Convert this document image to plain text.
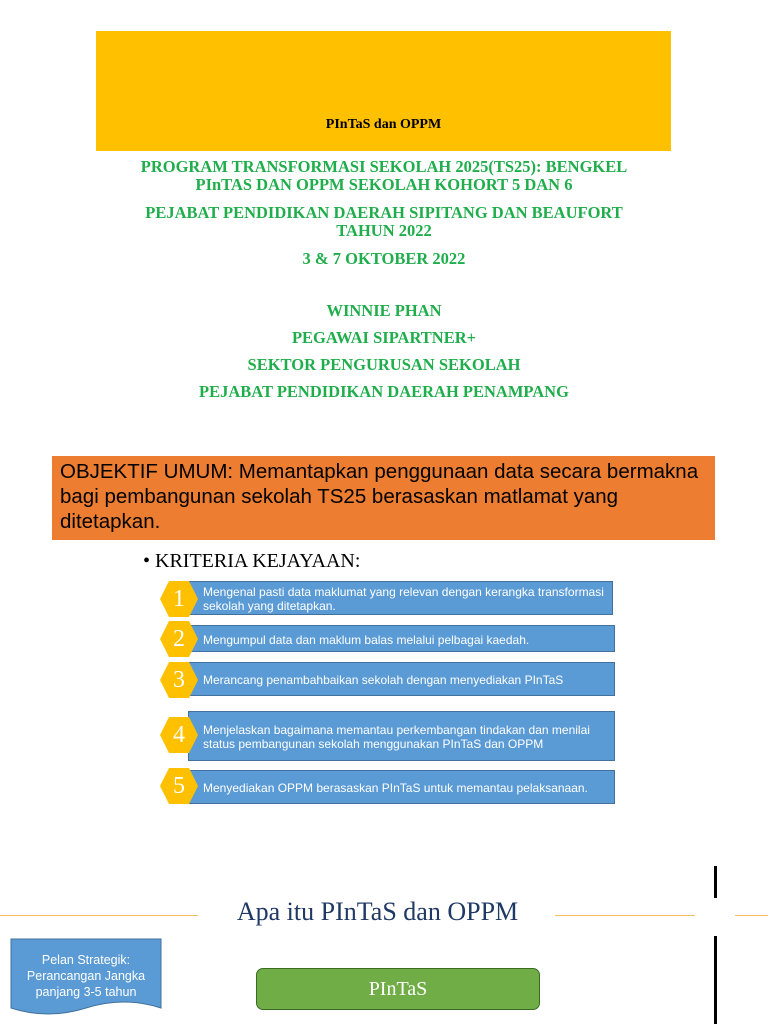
PInTaS dan OPPM
PROGRAM TRANSFORMASI SEKOLAH 2025(TS25): BENGKEL
PInTAS DAN OPPM SEKOLAH KOHORT 5 DAN 6
PEJABAT PENDIDIKAN DAERAH SIPITANG DAN BEAUFORT
TAHUN 2022
3 & 7 OKTOBER 2022
WINNIE PHAN
PEGAWAI SIPARTNER+
SEKTOR PENGURUSAN SEKOLAH
PEJABAT PENDIDIKAN DAERAH PENAMPANG
OBJEKTIF UMUM: Memantapkan penggunaan data secara bermakna bagi pembangunan sekolah TS25 berasaskan matlamat yang ditetapkan.
• KRITERIA KEJAYAAN:
Mengenal pasti data maklumat yang relevan dengan kerangka transformasi sekolah yang ditetapkan.
1
Mengumpul data dan maklum balas melalui pelbagai kaedah.
2
Merancang penambahbaikan sekolah dengan menyediakan PInTaS
3
Menjelaskan bagaimana memantau perkembangan tindakan dan menilai status pembangunan sekolah menggunakan PInTaS dan OPPM
4
Menyediakan OPPM berasaskan PInTaS untuk memantau pelaksanaan.
5
Apa itu PInTaS dan OPPM
Pelan Strategik: Perancangan Jangka panjang 3-5 tahun	PInTaS
